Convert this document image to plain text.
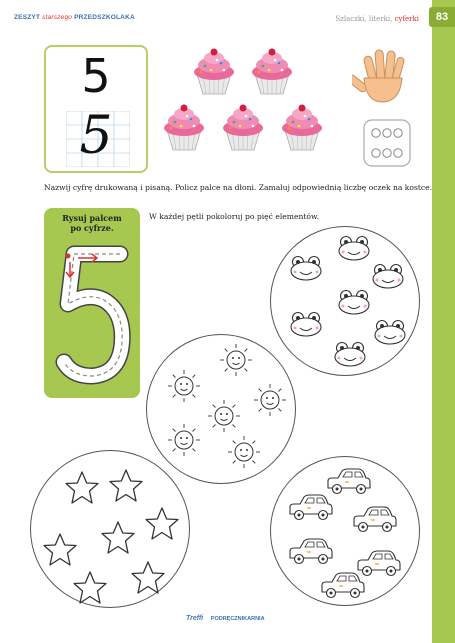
ZESZYT starszego PRZEDSZKOLAKA	Szlaczki, literki, cyferki	83
5
5
Nazwij cyfrę drukowaną i pisaną. Policz palce na dłoni. Zamaluj odpowiednią liczbę oczek na kostce.
Rysuj palcem
po cyfrze.
W każdej pętli pokoloruj po pięć elementów.
Treffi PODRĘCZNIKARNIA
